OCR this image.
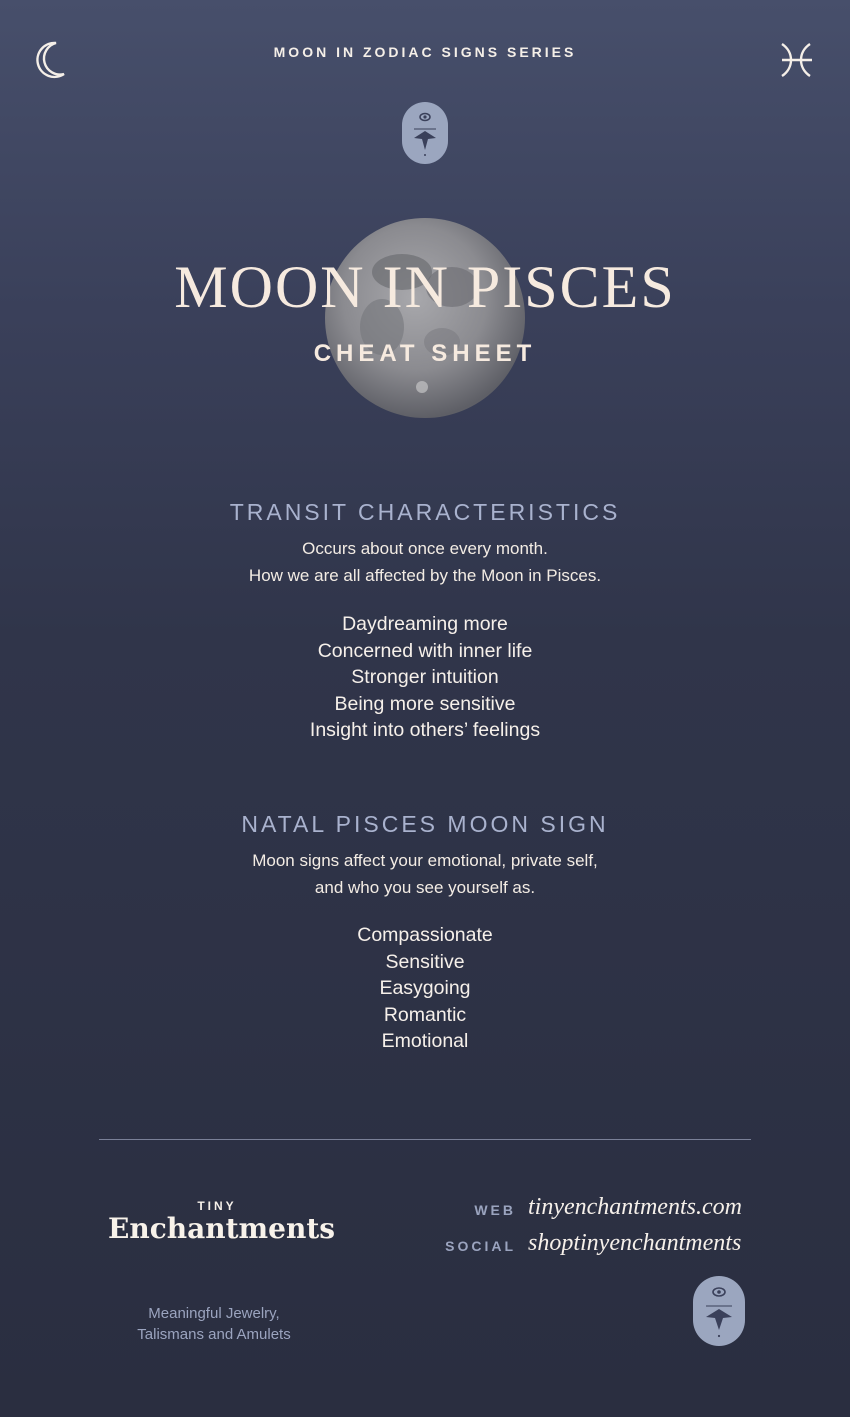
MOON IN ZODIAC SIGNS SERIES
MOON IN PISCES
CHEAT SHEET
TRANSIT CHARACTERISTICS
Occurs about once every month.
How we are all affected by the Moon in Pisces.
Daydreaming more
Concerned with inner life
Stronger intuition
Being more sensitive
Insight into others’ feelings
NATAL PISCES MOON SIGN
Moon signs affect your emotional, private self,
and who you see yourself as.
Compassionate
Sensitive
Easygoing
Romantic
Emotional
TINY
Enchantments
Meaningful Jewelry,
Talismans and Amulets
WEB tinyenchantments.com
SOCIAL shoptinyenchantments
